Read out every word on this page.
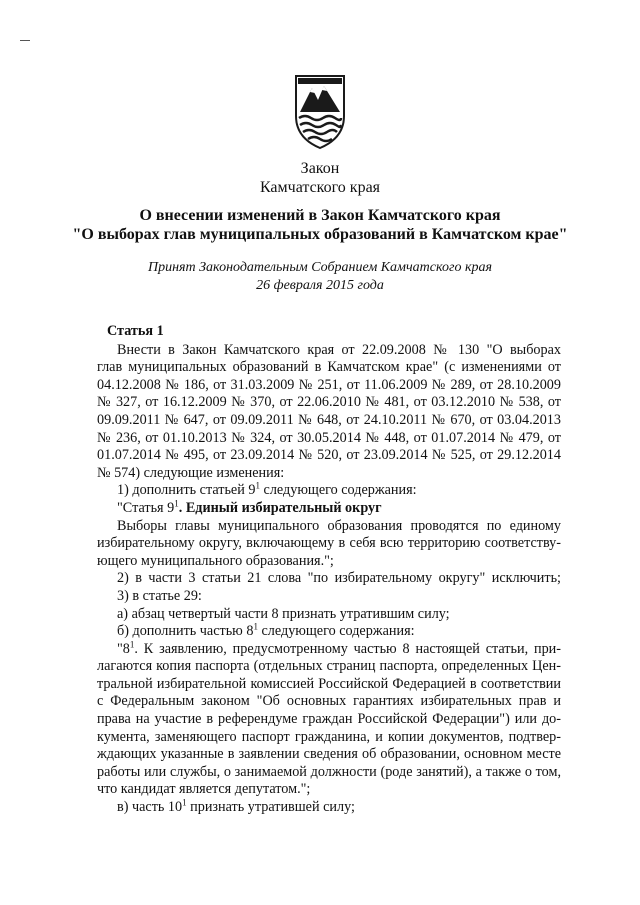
Закон
Камчатского края
О внесении изменений в Закон Камчатского края
"О выборах глав муниципальных образований в Камчатском крае"
Принят Законодательным Собранием Камчатского края
26 февраля 2015 года
Статья 1
Внести в Закон Камчатского края от 22.09.2008 № 130 "О выборах
глав муниципальных образований в Камчатском крае" (с изменениями от
04.12.2008 № 186, от 31.03.2009 № 251, от 11.06.2009 № 289, от 28.10.2009
№ 327, от 16.12.2009 № 370, от 22.06.2010 № 481, от 03.12.2010 № 538, от
09.09.2011 № 647, от 09.09.2011 № 648, от 24.10.2011 № 670, от 03.04.2013
№ 236, от 01.10.2013 № 324, от 30.05.2014 № 448, от 01.07.2014 № 479, от
01.07.2014 № 495, от 23.09.2014 № 520, от 23.09.2014 № 525, от 29.12.2014
№ 574) следующие изменения:
1) дополнить статьей $9^1$ следующего содержания:
"Статья $9^1$. Единый избирательный округ
Выборы главы муниципального образования проводятся по единому
избирательному округу, включающему в себя всю территорию соответству-
ющего муниципального образования.";
2) в части 3 статьи 21 слова "по избирательному округу" исключить;
3) в статье 29:
а) абзац четвертый части 8 признать утратившим силу;
б) дополнить частью $8^1$ следующего содержания:
"$8^1$. К заявлению, предусмотренному частью 8 настоящей статьи, при-
лагаются копия паспорта (отдельных страниц паспорта, определенных Цен-
тральной избирательной комиссией Российской Федерацией в соответствии
с Федеральным законом "Об основных гарантиях избирательных прав и
права на участие в референдуме граждан Российской Федерации") или до-
кумента, заменяющего паспорт гражданина, и копии документов, подтвер-
ждающих указанные в заявлении сведения об образовании, основном месте
работы или службы, о занимаемой должности (роде занятий), а также о том,
что кандидат является депутатом.";
в) часть $10^1$ признать утратившей силу;
